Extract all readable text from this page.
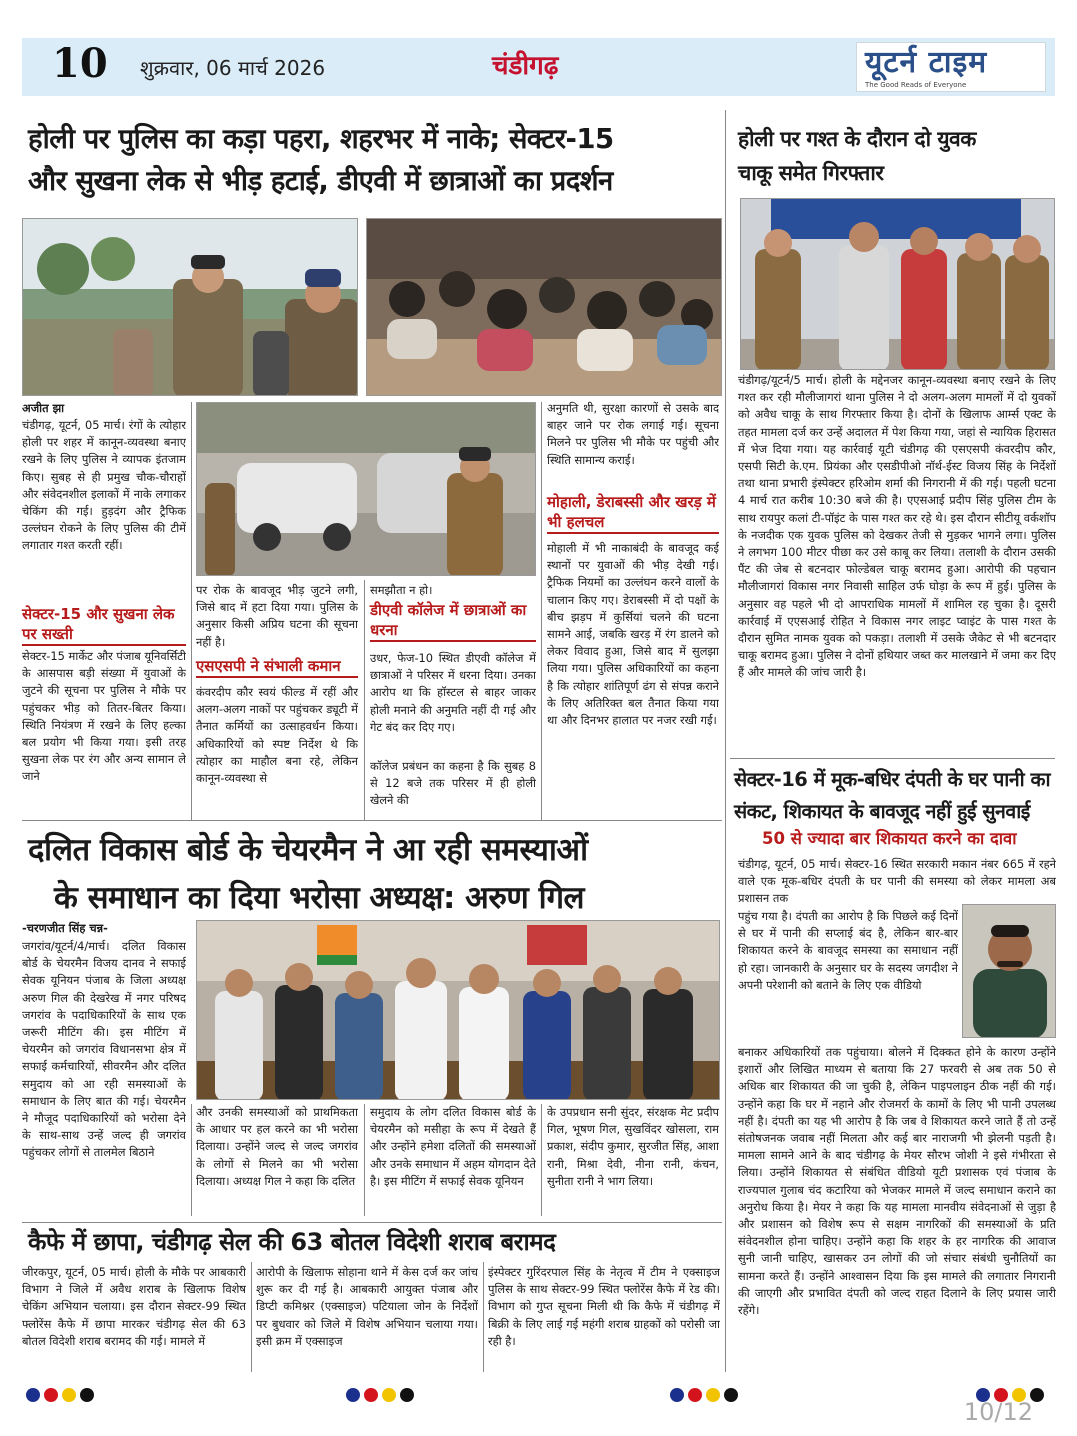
10 शुक्रवार, 06 मार्च 2026	चंडीगढ़	यूटर्न टाइम
The Good Reads of Everyone
होली पर पुलिस का कड़ा पहरा, शहरभर में नाके; सेक्टर-15
और सुखना लेक से भीड़ हटाई, डीएवी में छात्राओं का प्रदर्शन
अजीत झा
चंडीगढ़, यूटर्न, 05 मार्च। रंगों के त्योहार होली पर शहर में कानून-व्यवस्था बनाए रखने के लिए पुलिस ने व्यापक इंतजाम किए। सुबह से ही प्रमुख चौक-चौराहों और संवेदनशील इलाकों में नाके लगाकर चेकिंग की गई। हुड़दंग और ट्रैफिक उल्लंघन रोकने के लिए पुलिस की टीमें लगातार गश्त करती रहीं।
सेक्टर-15 और सुखना लेक पर सख्ती
सेक्टर-15 मार्केट और पंजाब यूनिवर्सिटी के आसपास बड़ी संख्या में युवाओं के जुटने की सूचना पर पुलिस ने मौके पर पहुंचकर भीड़ को तितर-बितर किया। स्थिति नियंत्रण में रखने के लिए हल्का बल प्रयोग भी किया गया। इसी तरह सुखना लेक पर रंग और अन्य सामान ले जाने
पर रोक के बावजूद भीड़ जुटने लगी, जिसे बाद में हटा दिया गया। पुलिस के अनुसार किसी अप्रिय घटना की सूचना नहीं है।
एसएसपी ने संभाली कमान
कंवरदीप कौर स्वयं फील्ड में रहीं और अलग-अलग नाकों पर पहुंचकर ड्यूटी में तैनात कर्मियों का उत्साहवर्धन किया। अधिकारियों को स्पष्ट निर्देश थे कि त्योहार का माहौल बना रहे, लेकिन कानून-व्यवस्था से
समझौता न हो।
डीएवी कॉलेज में छात्राओं का धरना
उधर, फेज-10 स्थित डीएवी कॉलेज में छात्राओं ने परिसर में धरना दिया। उनका आरोप था कि हॉस्टल से बाहर जाकर होली मनाने की अनुमति नहीं दी गई और गेट बंद कर दिए गए।
कॉलेज प्रबंधन का कहना है कि सुबह 8 से 12 बजे तक परिसर में ही होली खेलने की
अनुमति थी, सुरक्षा कारणों से उसके बाद बाहर जाने पर रोक लगाई गई। सूचना मिलने पर पुलिस भी मौके पर पहुंची और स्थिति सामान्य कराई।
मोहाली, डेराबस्सी और खरड़ में भी हलचल
मोहाली में भी नाकाबंदी के बावजूद कई स्थानों पर युवाओं की भीड़ देखी गई। ट्रैफिक नियमों का उल्लंघन करने वालों के चालान किए गए। डेराबस्सी में दो पक्षों के बीच झड़प में कुर्सियां चलने की घटना सामने आई, जबकि खरड़ में रंग डालने को लेकर विवाद हुआ, जिसे बाद में सुलझा लिया गया। पुलिस अधिकारियों का कहना है कि त्योहार शांतिपूर्ण ढंग से संपन्न कराने के लिए अतिरिक्त बल तैनात किया गया था और दिनभर हालात पर नजर रखी गई।
होली पर गश्त के दौरान दो युवक
चाकू समेत गिरफ्तार
चंडीगढ़/यूटर्न/5 मार्च। होली के मद्देनजर कानून-व्यवस्था बनाए रखने के लिए गश्त कर रही मौलीजागरां थाना पुलिस ने दो अलग-अलग मामलों में दो युवकों को अवैध चाकू के साथ गिरफ्तार किया है। दोनों के खिलाफ आर्म्स एक्ट के तहत मामला दर्ज कर उन्हें अदालत में पेश किया गया, जहां से न्यायिक हिरासत में भेज दिया गया। यह कार्रवाई यूटी चंडीगढ़ की एसएसपी कंवरदीप कौर, एसपी सिटी के.एम. प्रियंका और एसडीपीओ नॉर्थ-ईस्ट विजय सिंह के निर्देशों तथा थाना प्रभारी इंस्पेक्टर हरिओम शर्मा की निगरानी में की गई। पहली घटना 4 मार्च रात करीब 10:30 बजे की है। एएसआई प्रदीप सिंह पुलिस टीम के साथ रायपुर कलां टी-पॉइंट के पास गश्त कर रहे थे। इस दौरान सीटीयू वर्कशॉप के नजदीक एक युवक पुलिस को देखकर तेजी से मुड़कर भागने लगा। पुलिस ने लगभग 100 मीटर पीछा कर उसे काबू कर लिया। तलाशी के दौरान उसकी पैंट की जेब से बटनदार फोल्डेबल चाकू बरामद हुआ। आरोपी की पहचान मौलीजागरां विकास नगर निवासी साहिल उर्फ घोड़ा के रूप में हुई। पुलिस के अनुसार वह पहले भी दो आपराधिक मामलों में शामिल रह चुका है। दूसरी कार्रवाई में एएसआई रोहित ने विकास नगर लाइट प्वाइंट के पास गश्त के दौरान सुमित नामक युवक को पकड़ा। तलाशी में उसके जैकेट से भी बटनदार चाकू बरामद हुआ। पुलिस ने दोनों हथियार जब्त कर मालखाने में जमा कर दिए हैं और मामले की जांच जारी है।
सेक्टर-16 में मूक-बधिर दंपती के घर पानी का
संकट, शिकायत के बावजूद नहीं हुई सुनवाई
50 से ज्यादा बार शिकायत करने का दावा
चंडीगढ़, यूटर्न, 05 मार्च। सेक्टर-16 स्थित सरकारी मकान नंबर 665 में रहने वाले एक मूक-बधिर दंपती के घर पानी की समस्या को लेकर मामला अब प्रशासन तक
पहुंच गया है। दंपती का आरोप है कि पिछले कई दिनों से घर में पानी की सप्लाई बंद है, लेकिन बार-बार शिकायत करने के बावजूद समस्या का समाधान नहीं हो रहा। जानकारी के अनुसार घर के सदस्य जगदीश ने अपनी परेशानी को बताने के लिए एक वीडियो
बनाकर अधिकारियों तक पहुंचाया। बोलने में दिक्कत होने के कारण उन्होंने इशारों और लिखित माध्यम से बताया कि 27 फरवरी से अब तक 50 से अधिक बार शिकायत की जा चुकी है, लेकिन पाइपलाइन ठीक नहीं की गई। उन्होंने कहा कि घर में नहाने और रोजमर्रा के कामों के लिए भी पानी उपलब्ध नहीं है। दंपती का यह भी आरोप है कि जब वे शिकायत करने जाते हैं तो उन्हें संतोषजनक जवाब नहीं मिलता और कई बार नाराजगी भी झेलनी पड़ती है। मामला सामने आने के बाद चंडीगढ़ के मेयर सौरभ जोशी ने इसे गंभीरता से लिया। उन्होंने शिकायत से संबंधित वीडियो यूटी प्रशासक एवं पंजाब के राज्यपाल गुलाब चंद कटारिया को भेजकर मामले में जल्द समाधान कराने का अनुरोध किया है। मेयर ने कहा कि यह मामला मानवीय संवेदनाओं से जुड़ा है और प्रशासन को विशेष रूप से सक्षम नागरिकों की समस्याओं के प्रति संवेदनशील होना चाहिए। उन्होंने कहा कि शहर के हर नागरिक की आवाज सुनी जानी चाहिए, खासकर उन लोगों की जो संचार संबंधी चुनौतियों का सामना करते हैं। उन्होंने आश्वासन दिया कि इस मामले की लगातार निगरानी की जाएगी और प्रभावित दंपती को जल्द राहत दिलाने के लिए प्रयास जारी रहेंगे।
दलित विकास बोर्ड के चेयरमैन ने आ रही समस्याओं
के समाधान का दिया भरोसा अध्यक्ष: अरुण गिल
-चरणजीत सिंह चन्न-
जगरांव/यूटर्न/4/मार्च। दलित विकास बोर्ड के चेयरमैन विजय दानव ने सफाई सेवक यूनियन पंजाब के जिला अध्यक्ष अरुण गिल की देखरेख में नगर परिषद जगरांव के पदाधिकारियों के साथ एक जरूरी मीटिंग की। इस मीटिंग में चेयरमैन को जगरांव विधानसभा क्षेत्र में सफाई कर्मचारियों, सीवरमैन और दलित समुदाय को आ रही समस्याओं के समाधान के लिए बात की गई। चेयरमैन ने मौजूद पदाधिकारियों को भरोसा देने के साथ-साथ उन्हें जल्द ही जगरांव पहुंचकर लोगों से तालमेल बिठाने
और उनकी समस्याओं को प्राथमिकता के आधार पर हल करने का भी भरोसा दिलाया। उन्होंने जल्द से जल्द जगरांव के लोगों से मिलने का भी भरोसा दिलाया। अध्यक्ष गिल ने कहा कि दलित
समुदाय के लोग दलित विकास बोर्ड के चेयरमैन को मसीहा के रूप में देखते हैं और उन्होंने हमेशा दलितों की समस्याओं और उनके समाधान में अहम योगदान देते है। इस मीटिंग में सफाई सेवक यूनियन
के उपप्रधान सनी सुंदर, संरक्षक मेट प्रदीप गिल, भूषण गिल, सुखविंदर खोसला, राम प्रकाश, संदीप कुमार, सुरजीत सिंह, आशा रानी, मिश्रा देवी, नीना रानी, कंचन, सुनीता रानी ने भाग लिया।
कैफे में छापा, चंडीगढ़ सेल की 63 बोतल विदेशी शराब बरामद
जीरकपुर, यूटर्न, 05 मार्च। होली के मौके पर आबकारी विभाग ने जिले में अवैध शराब के खिलाफ विशेष चेकिंग अभियान चलाया। इस दौरान सेक्टर-99 स्थित फ्लोरेंस कैफे में छापा मारकर चंडीगढ़ सेल की 63 बोतल विदेशी शराब बरामद की गई। मामले में
आरोपी के खिलाफ सोहाना थाने में केस दर्ज कर जांच शुरू कर दी गई है। आबकारी आयुक्त पंजाब और डिप्टी कमिश्नर (एक्साइज) पटियाला जोन के निर्देशों पर बुधवार को जिले में विशेष अभियान चलाया गया। इसी क्रम में एक्साइज
इंस्पेक्टर गुरिंदरपाल सिंह के नेतृत्व में टीम ने एक्साइज पुलिस के साथ सेक्टर-99 स्थित फ्लोरेंस कैफे में रेड की। विभाग को गुप्त सूचना मिली थी कि कैफे में चंडीगढ़ में बिक्री के लिए लाई गई महंगी शराब ग्राहकों को परोसी जा रही है।
10/12
